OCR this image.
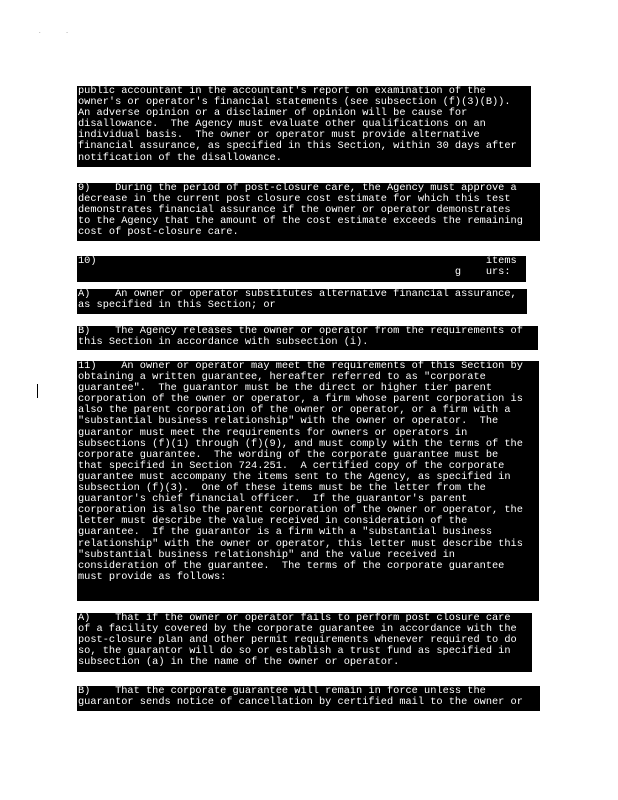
. .
public accountant in the accountant's report on examination of the
owner's or operator's financial statements (see subsection (f)(3)(B)).
An adverse opinion or a disclaimer of opinion will be cause for
disallowance.  The Agency must evaluate other qualifications on an
individual basis.  The owner or operator must provide alternative
financial assurance, as specified in this Section, within 30 days after
notification of the disallowance.
9)    During the period of post-closure care, the Agency must approve a
decrease in the current post closure cost estimate for which this test
demonstrates financial assurance if the owner or operator demonstrates
to the Agency that the amount of the cost estimate exceeds the remaining
cost of post-closure care.
10)                                                               items
g    urs:
A)    An owner or operator substitutes alternative financial assurance,
as specified in this Section; or
B)    The Agency releases the owner or operator from the requirements of
this Section in accordance with subsection (i).
11)    An owner or operator may meet the requirements of this Section by
obtaining a written guarantee, hereafter referred to as "corporate
guarantee".  The guarantor must be the direct or higher tier parent
corporation of the owner or operator, a firm whose parent corporation is
also the parent corporation of the owner or operator, or a firm with a
"substantial business relationship" with the owner or operator.  The
guarantor must meet the requirements for owners or operators in
subsections (f)(1) through (f)(9), and must comply with the terms of the
corporate guarantee.  The wording of the corporate guarantee must be
that specified in Section 724.251.  A certified copy of the corporate
guarantee must accompany the items sent to the Agency, as specified in
subsection (f)(3).  One of these items must be the letter from the
guarantor's chief financial officer.  If the guarantor's parent
corporation is also the parent corporation of the owner or operator, the
letter must describe the value received in consideration of the
guarantee.  If the guarantor is a firm with a "substantial business
relationship" with the owner or operator, this letter must describe this
"substantial business relationship" and the value received in
consideration of the guarantee.  The terms of the corporate guarantee
must provide as follows:
A)    That if the owner or operator fails to perform post closure care
of a facility covered by the corporate guarantee in accordance with the
post-closure plan and other permit requirements whenever required to do
so, the guarantor will do so or establish a trust fund as specified in
subsection (a) in the name of the owner or operator.
B)    That the corporate guarantee will remain in force unless the
guarantor sends notice of cancellation by certified mail to the owner or
